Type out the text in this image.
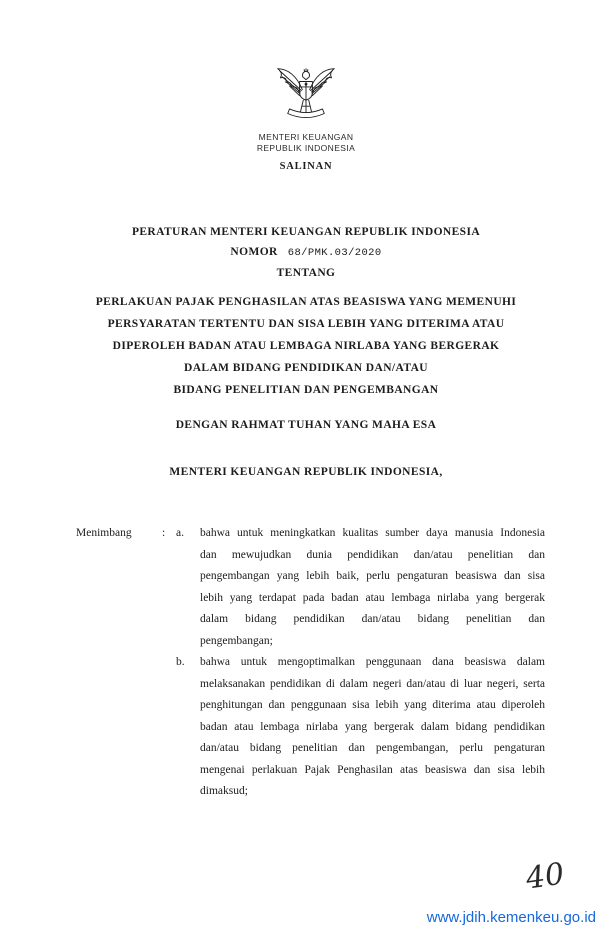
MENTERI KEUANGAN
REPUBLIK INDONESIA
SALINAN
PERATURAN MENTERI KEUANGAN REPUBLIK INDONESIA
NOMOR 68/PMK.03/2020
TENTANG
PERLAKUAN PAJAK PENGHASILAN ATAS BEASISWA YANG MEMENUHI
PERSYARATAN TERTENTU DAN SISA LEBIH YANG DITERIMA ATAU
DIPEROLEH BADAN ATAU LEMBAGA NIRLABA YANG BERGERAK
DALAM BIDANG PENDIDIKAN DAN/ATAU
BIDANG PENELITIAN DAN PENGEMBANGAN
DENGAN RAHMAT TUHAN YANG MAHA ESA
MENTERI KEUANGAN REPUBLIK INDONESIA,
Menimbang	: a.	bahwa untuk meningkatkan kualitas sumber daya manusia Indonesia dan mewujudkan dunia pendidikan dan/atau penelitian dan pengembangan yang lebih baik, perlu pengaturan beasiswa dan sisa lebih yang terdapat pada badan atau lembaga nirlaba yang bergerak dalam bidang pendidikan dan/atau bidang penelitian dan pengembangan;

b.	bahwa untuk mengoptimalkan penggunaan dana beasiswa dalam melaksanakan pendidikan di dalam negeri dan/atau di luar negeri, serta penghitungan dan penggunaan sisa lebih yang diterima atau diperoleh badan atau lembaga nirlaba yang bergerak dalam bidang pendidikan dan/atau bidang penelitian dan pengembangan, perlu pengaturan mengenai perlakuan Pajak Penghasilan atas beasiswa dan sisa lebih dimaksud;

40
www.jdih.kemenkeu.go.id
